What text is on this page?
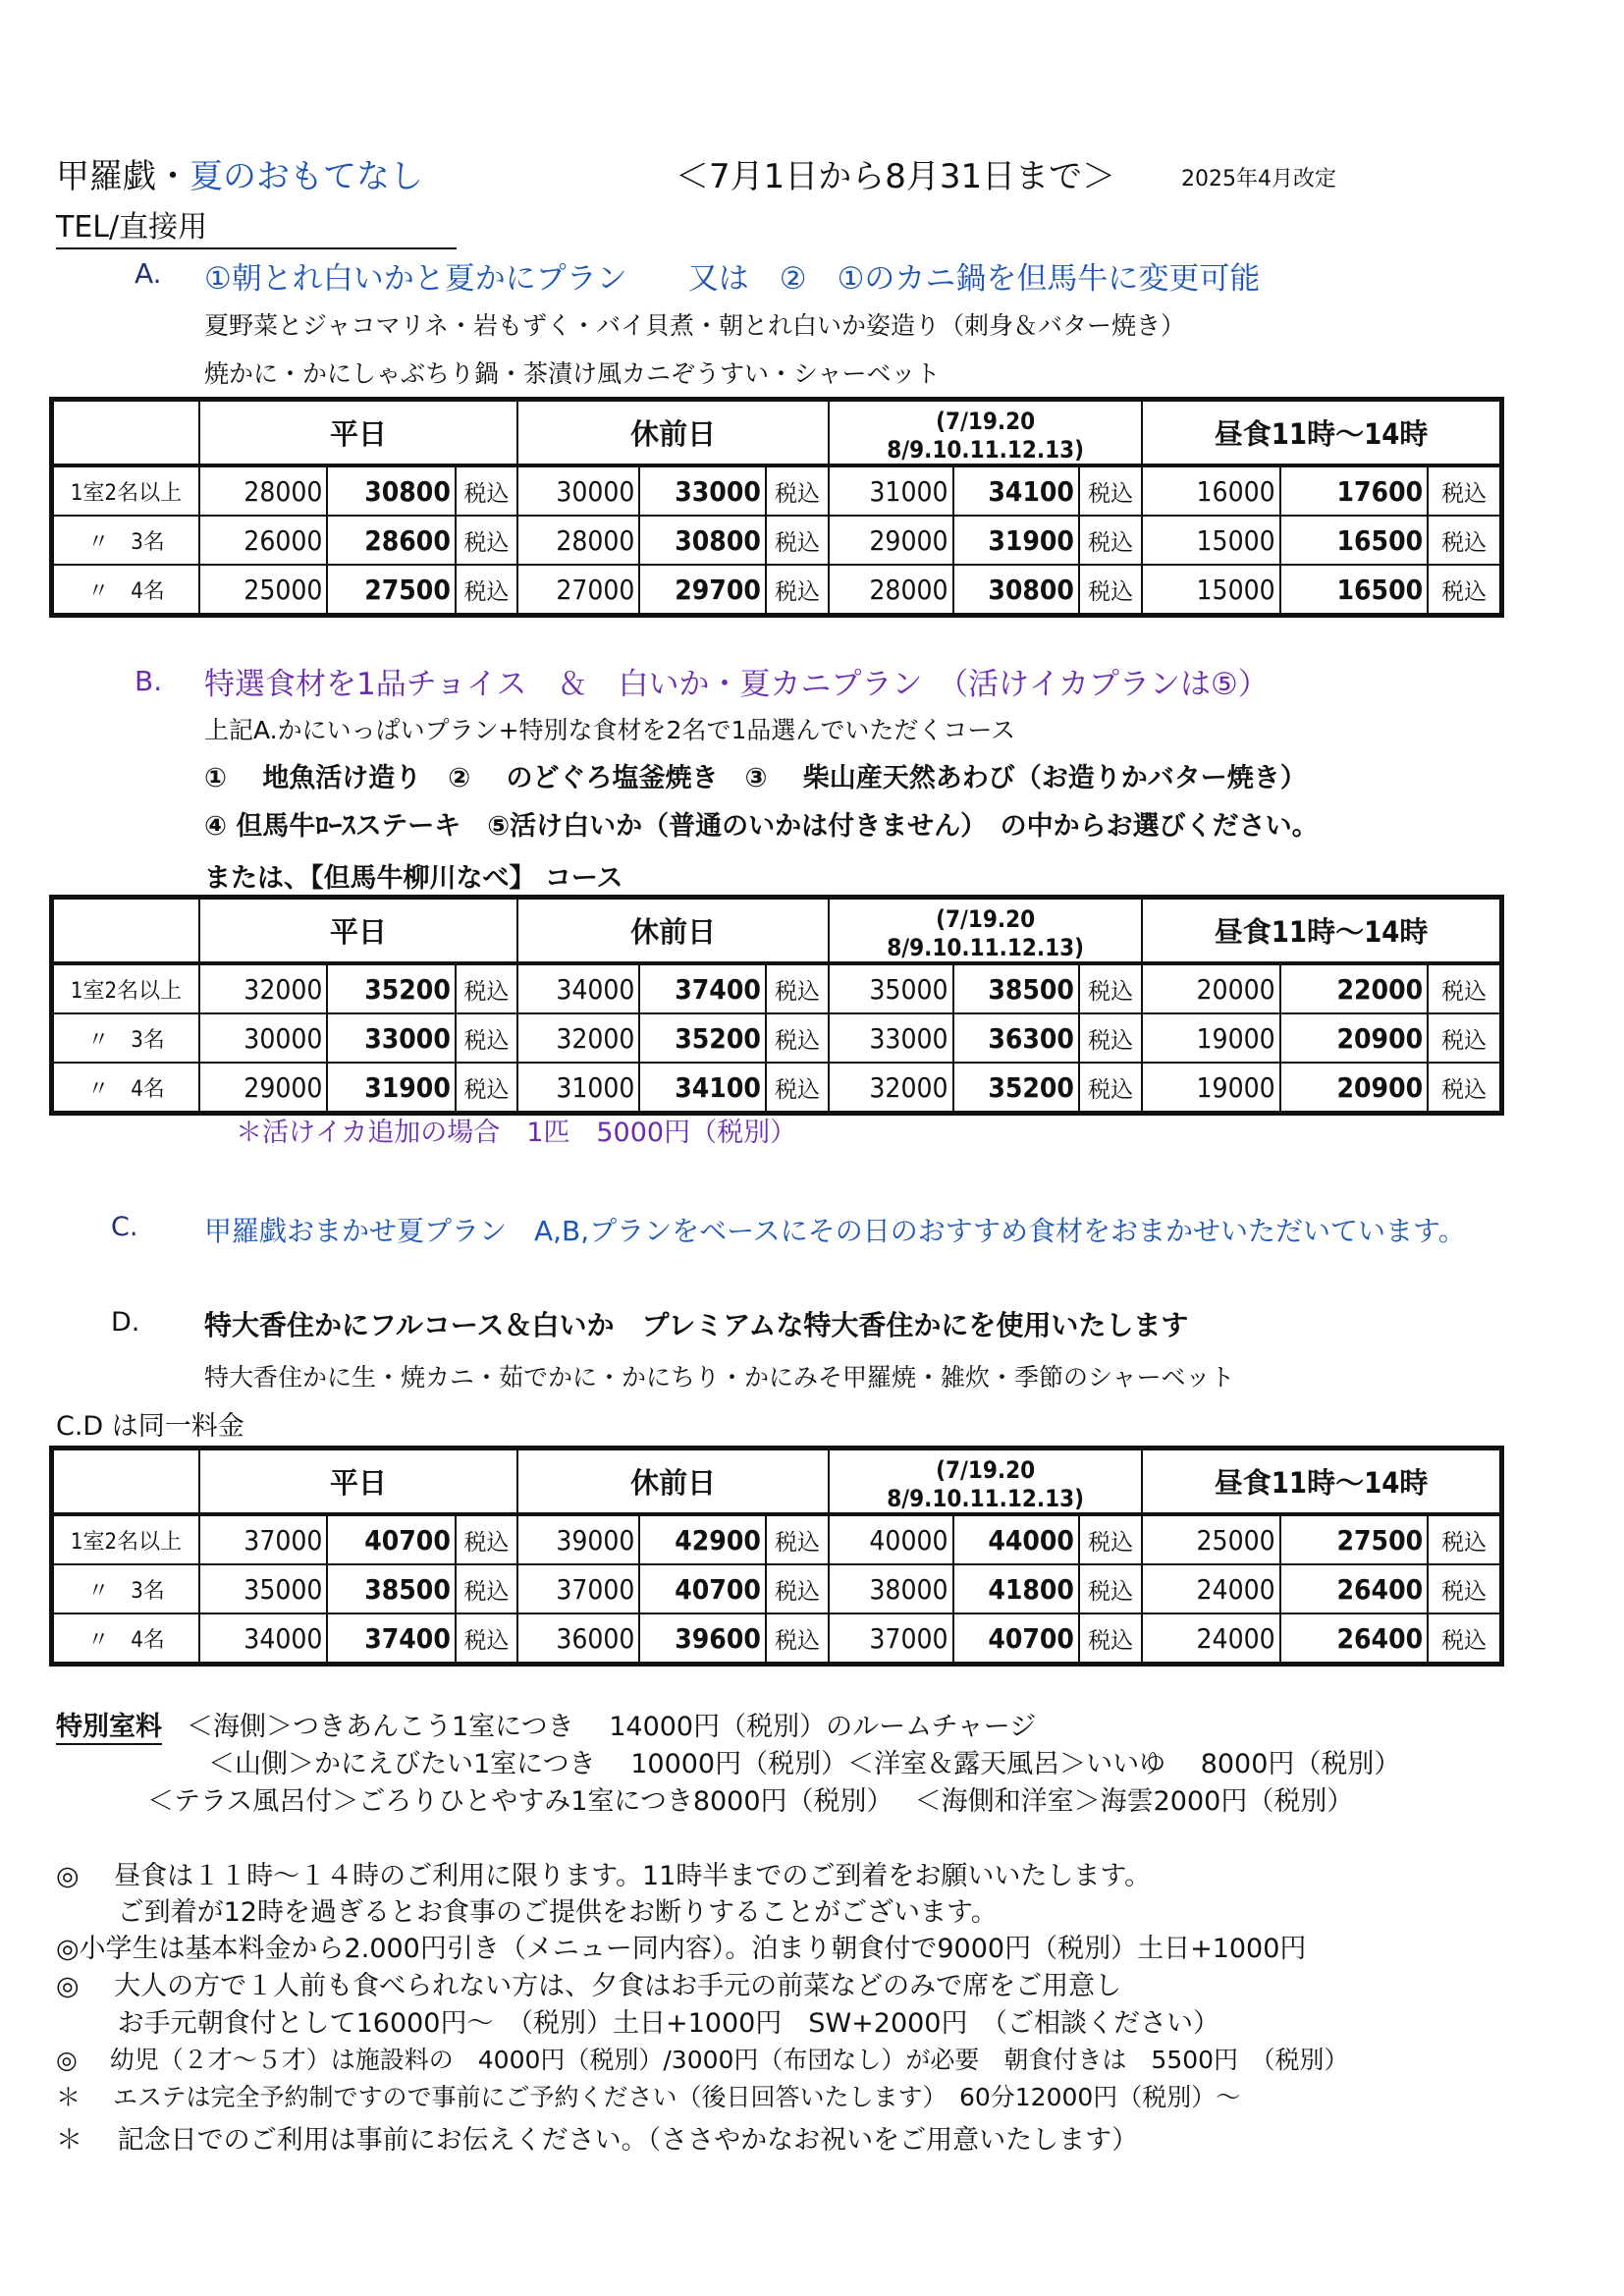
甲羅戯・夏のおもてなし	＜7月1日から8月31日まで＞	2025年4月改定
TEL/直接用
A. ①朝とれ白いかと夏かにプラン　　又は　②　①のカニ鍋を但馬牛に変更可能
夏野菜とジャコマリネ・岩もずく・バイ貝煮・朝とれ白いか姿造り（刺身＆バター焼き）
焼かに・かにしゃぶちり鍋・茶漬け風カニぞうすい・シャーベット
	平日			休前日			(7/19.20　8/9.10.11.12.13)			昼食11時～14時		
1室2名以上	28000	30800	税込	30000	33000	税込	31000	34100	税込	16000	17600	税込
〃　3名	26000	28600	税込	28000	30800	税込	29000	31900	税込	15000	16500	税込
〃　4名	25000	27500	税込	27000	29700	税込	28000	30800	税込	15000	16500	税込
B. 特選食材を1品チョイス　＆　白いか・夏カニプラン　（活けイカプランは⑤）
上記A.かにいっぱいプラン+特別な食材を2名で1品選んでいただくコース
①　 地魚活け造り　②　 のどぐろ塩釜焼き　③　 柴山産天然あわび（お造りかバター焼き）
④ 但馬牛ﾛｰｽステーキ　⑤活け白いか（普通のいかは付きません）　の中からお選びください。
または、【但馬牛柳川なべ】 コース
	平日			休前日			(7/19.20　8/9.10.11.12.13)			昼食11時～14時		
1室2名以上	32000	35200	税込	34000	37400	税込	35000	38500	税込	20000	22000	税込
〃　3名	30000	33000	税込	32000	35200	税込	33000	36300	税込	19000	20900	税込
〃　4名	29000	31900	税込	31000	34100	税込	32000	35200	税込	19000	20900	税込
＊活けイカ追加の場合　1匹　5000円（税別）
C. 甲羅戯おまかせ夏プラン　A,B,プランをベースにその日のおすすめ食材をおまかせいただいています。
D. 特大香住かにフルコース＆白いか　プレミアムな特大香住かにを使用いたします
特大香住かに生・焼カニ・茹でかに・かにちり・かにみそ甲羅焼・雑炊・季節のシャーベット
C.D は同一料金
	平日			休前日			(7/19.20　8/9.10.11.12.13)			昼食11時～14時		
1室2名以上	37000	40700	税込	39000	42900	税込	40000	44000	税込	25000	27500	税込
〃　3名	35000	38500	税込	37000	40700	税込	38000	41800	税込	24000	26400	税込
〃　4名	34000	37400	税込	36000	39600	税込	37000	40700	税込	24000	26400	税込
特別室料 ＜海側＞つきあんこう1室につき　 14000円（税別）のルームチャージ
＜山側＞かにえびたい1室につき　 10000円（税別）＜洋室＆露天風呂＞いいゆ　 8000円（税別）
＜テラス風呂付＞ごろりひとやすみ1室につき8000円（税別）　 ＜海側和洋室＞海雲2000円（税別）
◎　 昼食は１１時～１４時のご利用に限ります。11時半までのご到着をお願いいたします。
　　 ご到着が12時を過ぎるとお食事のご提供をお断りすることがございます。
◎小学生は基本料金から2.000円引き（メニュー同内容）。泊まり朝食付で9000円（税別）土日+1000円
◎　 大人の方で１人前も食べられない方は、夕食はお手元の前菜などのみで席をご用意し
　　 お手元朝食付として16000円～　（税別）土日+1000円　SW+2000円　（ご相談ください）
◎　 幼児（２才～５才）は施設料の　4000円（税別）/3000円（布団なし）が必要　朝食付きは　5500円　（税別）
＊　 エステは完全予約制ですので事前にご予約ください（後日回答いたします）　60分12000円（税別）～
＊　 記念日でのご利用は事前にお伝えください。（ささやかなお祝いをご用意いたします）
